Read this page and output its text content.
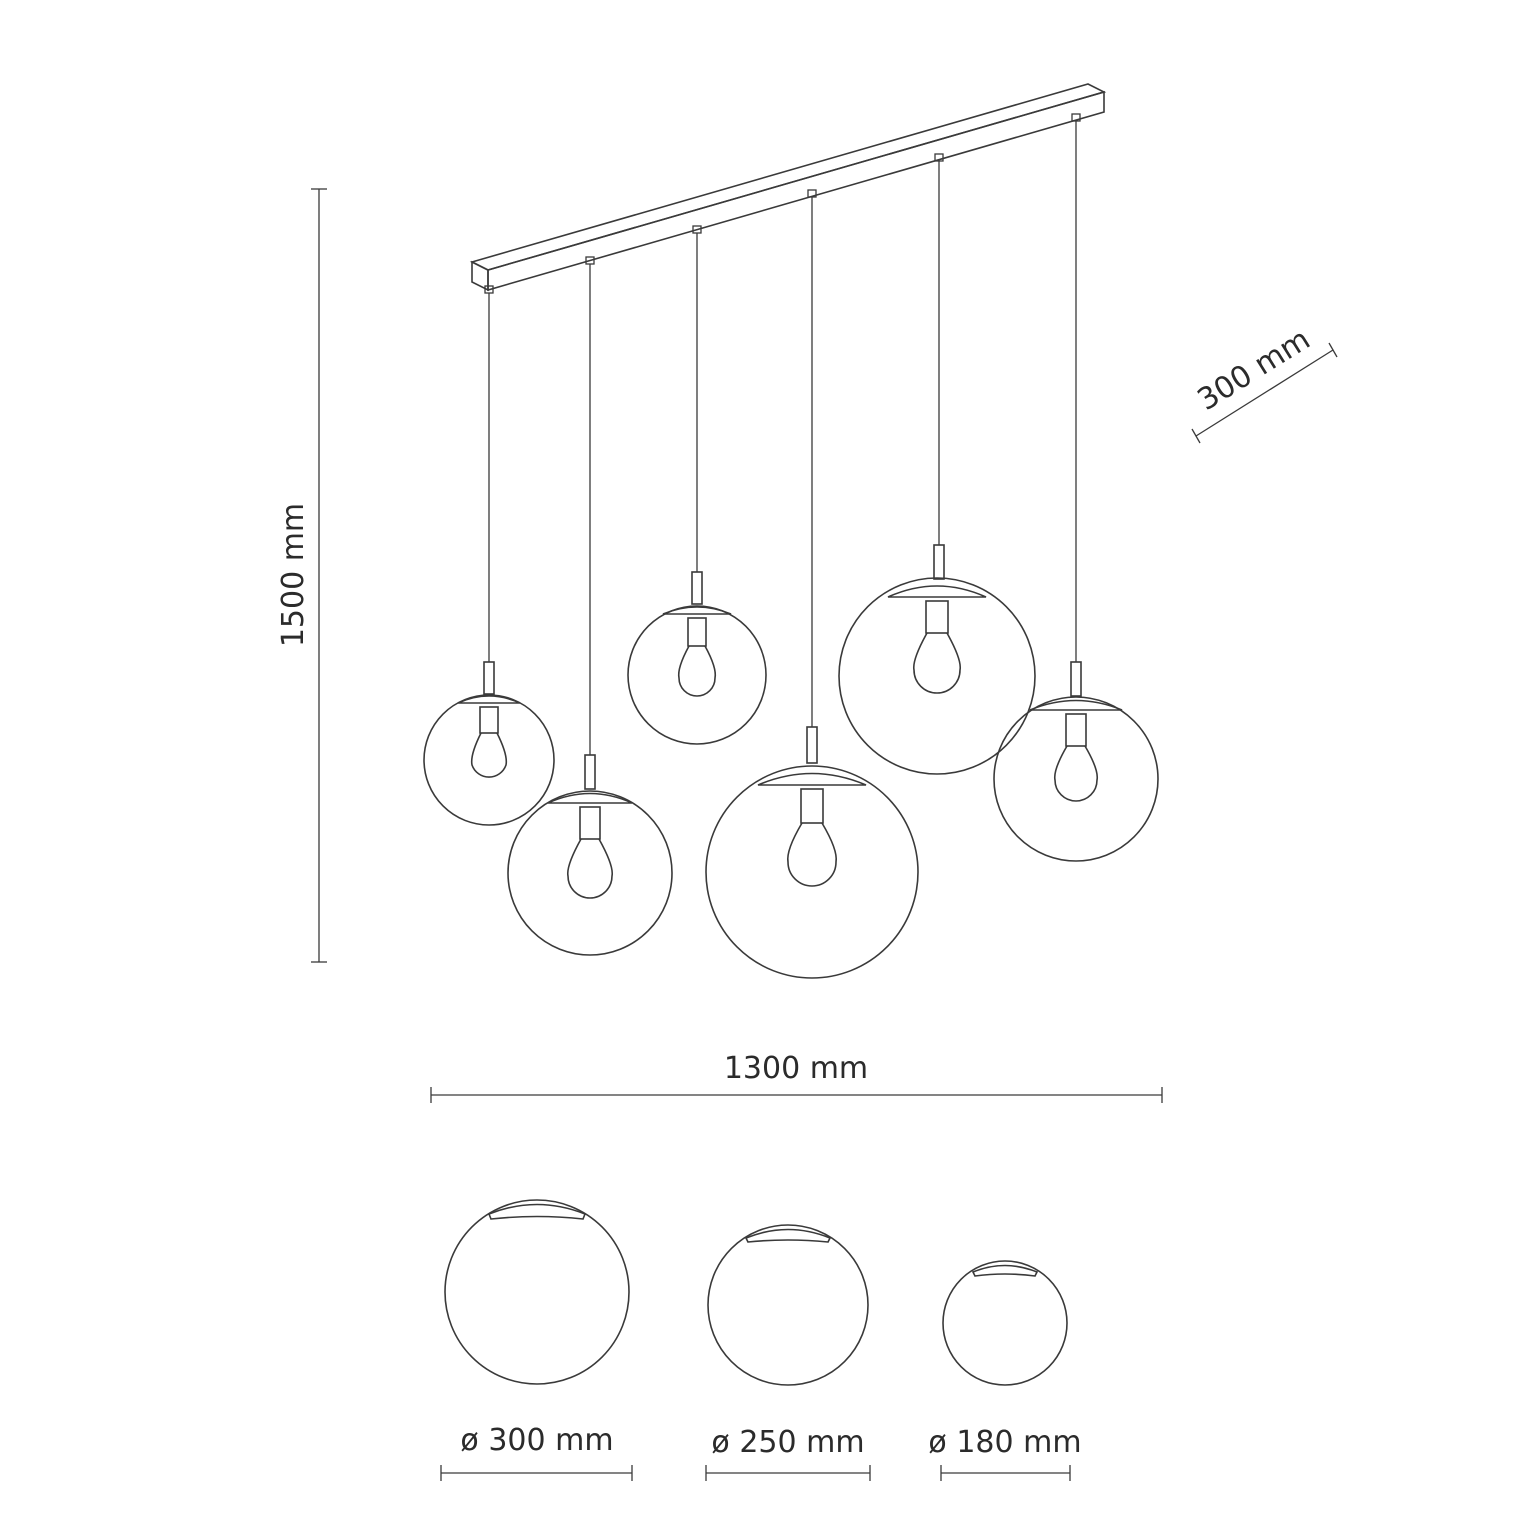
1500 mm
300 mm
1300 mm
ø 300 mm	ø 250 mm ø 180 mm
